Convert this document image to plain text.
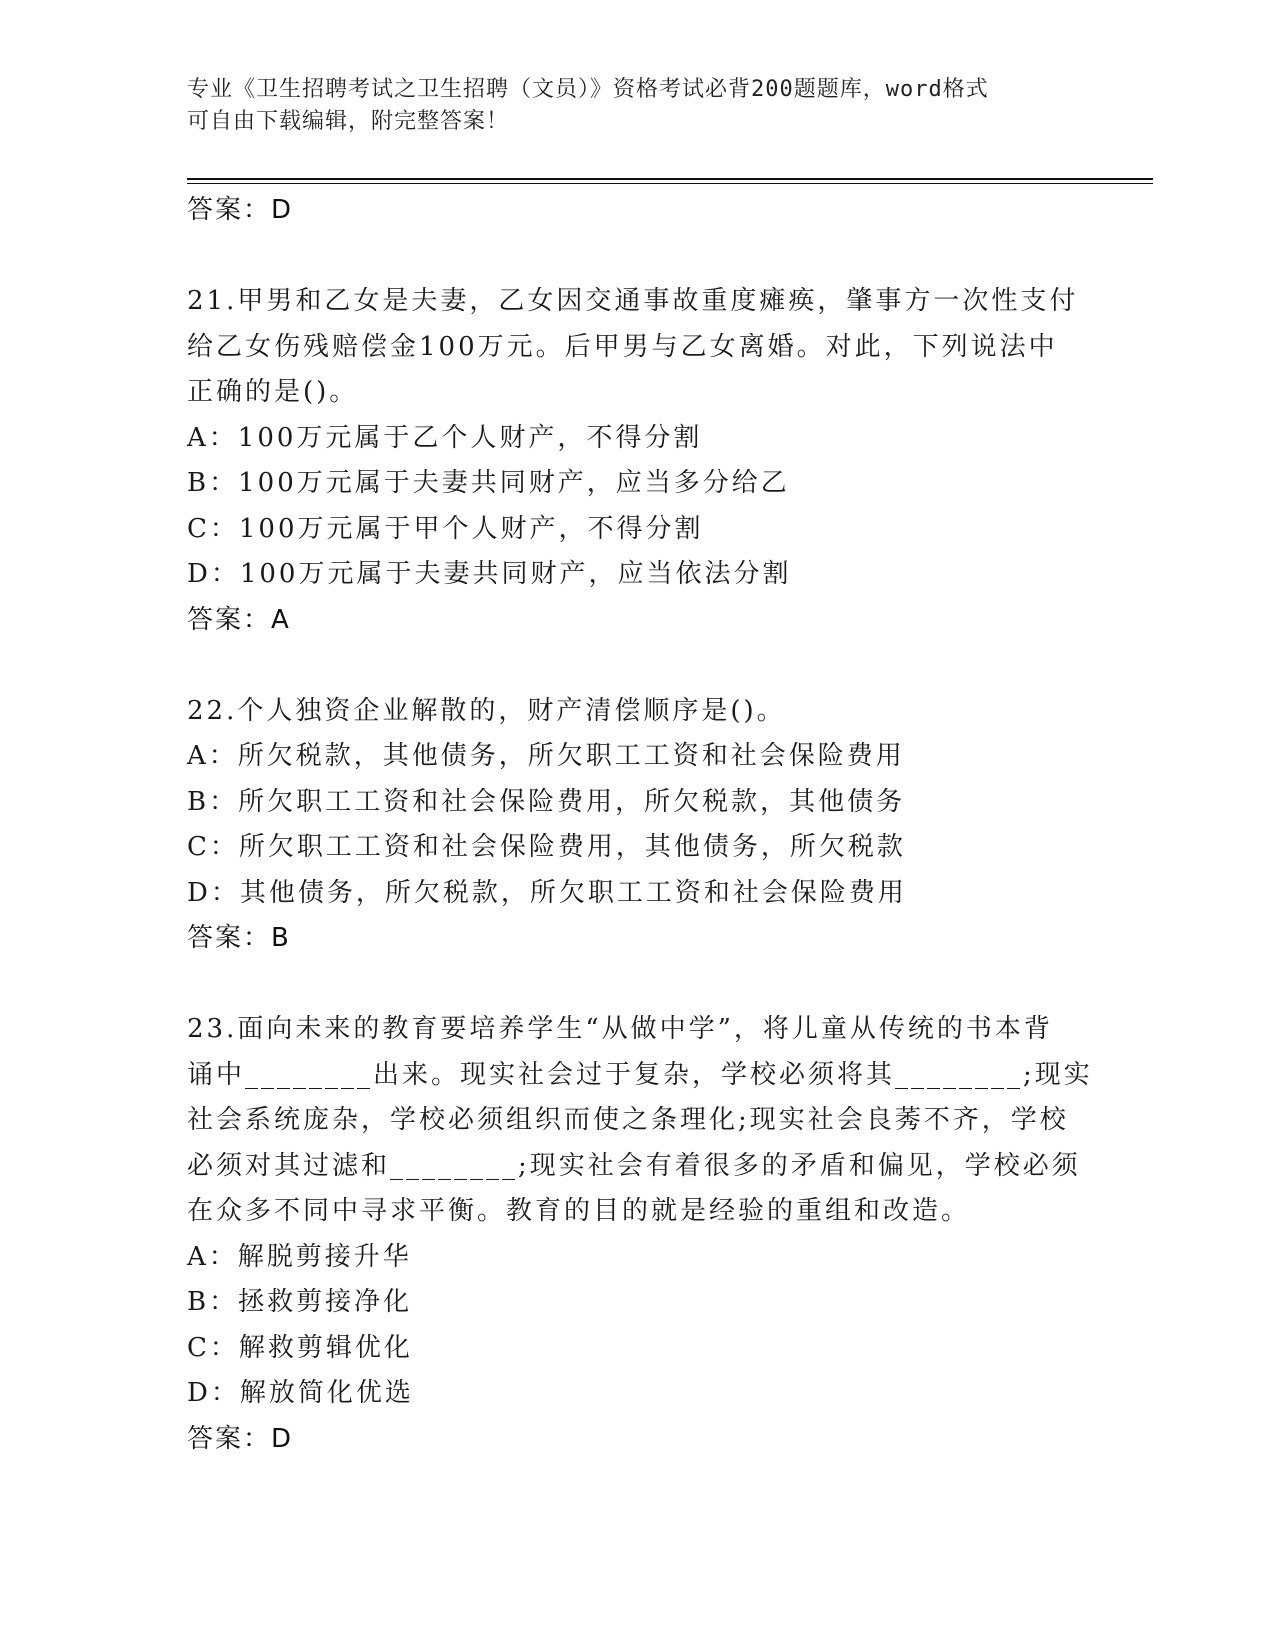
专业《卫生招聘考试之卫生招聘（文员）》资格考试必背200题题库，word格式
可自由下载编辑，附完整答案！
答案：D
21.甲男和乙女是夫妻，乙女因交通事故重度瘫痪，肇事方一次性支付
给乙女伤残赔偿金100万元。后甲男与乙女离婚。对此，下列说法中
正确的是()。
A：100万元属于乙个人财产，不得分割
B：100万元属于夫妻共同财产，应当多分给乙
C：100万元属于甲个人财产，不得分割
D：100万元属于夫妻共同财产，应当依法分割
答案：A
22.个人独资企业解散的，财产清偿顺序是()。
A：所欠税款，其他债务，所欠职工工资和社会保险费用
B：所欠职工工资和社会保险费用，所欠税款，其他债务
C：所欠职工工资和社会保险费用，其他债务，所欠税款
D：其他债务，所欠税款，所欠职工工资和社会保险费用
答案：B
23.面向未来的教育要培养学生“从做中学”，将儿童从传统的书本背
诵中________出来。现实社会过于复杂，学校必须将其________;现实
社会系统庞杂，学校必须组织而使之条理化;现实社会良莠不齐，学校
必须对其过滤和________;现实社会有着很多的矛盾和偏见，学校必须
在众多不同中寻求平衡。教育的目的就是经验的重组和改造。
A：解脱剪接升华
B：拯救剪接净化
C：解救剪辑优化
D：解放简化优选
答案：D
